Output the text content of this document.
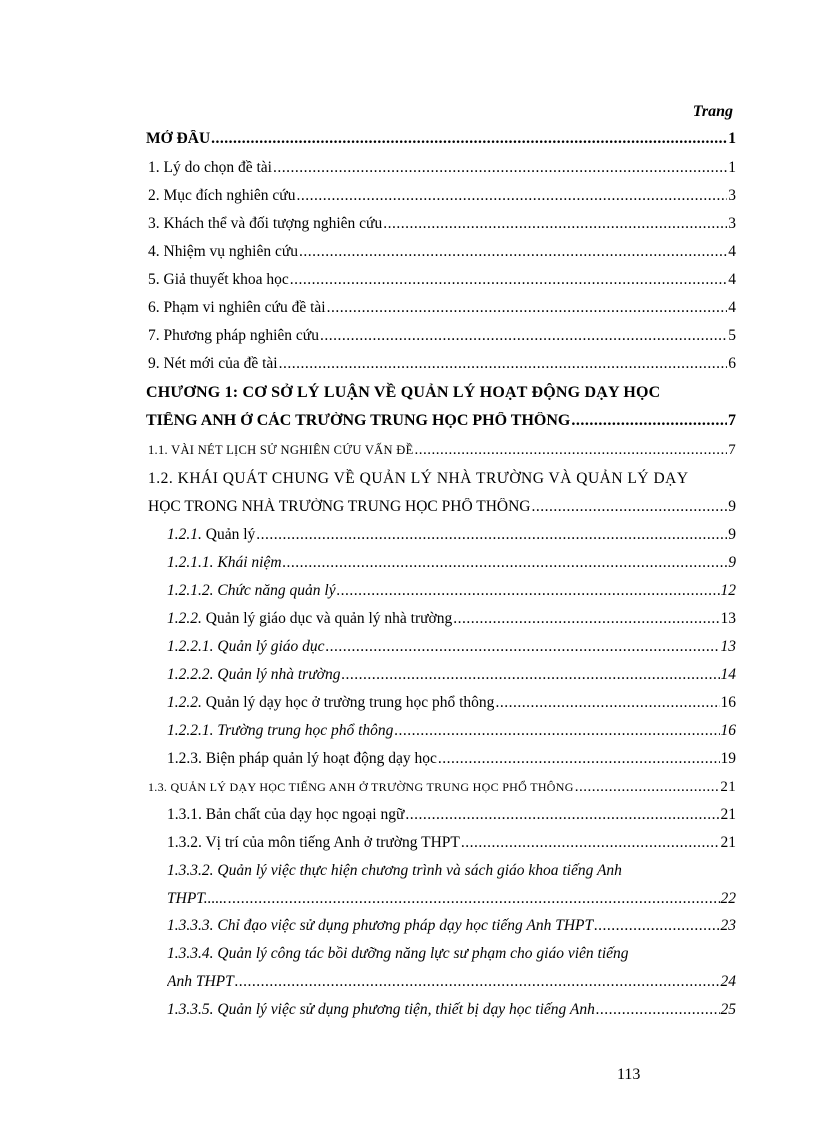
Trang
MỞ ĐẦU .....	1
1. Lý do chọn đề tài .....	1
2. Mục đích nghiên cứu .....	3
3. Khách thể và đối tượng nghiên cứu .....	3
4. Nhiệm vụ nghiên cứu .....	4
5. Giả thuyết khoa học .....	4
6. Phạm vi nghiên cứu đề tài .....	4
7. Phương pháp nghiên cứu .....	5
9. Nét mới của đề tài .....	6
CHƯƠNG 1: CƠ SỞ LÝ LUẬN VỀ QUẢN LÝ HOẠT ĐỘNG DẠY HỌC
TIẾNG ANH Ở CÁC TRƯỜNG TRUNG HỌC PHỔ THÔNG .....	7
1.1. VÀI NÉT LỊCH SỬ NGHIÊN CỨU VẤN ĐỀ .....	7
1.2. KHÁI QUÁT CHUNG VỀ QUẢN LÝ NHÀ TRƯỜNG VÀ QUẢN LÝ DẠY
HỌC TRONG NHÀ TRƯỜNG TRUNG HỌC PHỔ THÔNG .....	9
1.2.1. Quản lý .....	9
1.2.1.1. Khái niệm .....	9
1.2.1.2. Chức năng quản lý .....	12
1.2.2. Quản lý giáo dục và quản lý nhà trường .....	13
1.2.2.1. Quản lý giáo dục .....	13
1.2.2.2. Quản lý nhà trường .....	14
1.2.2. Quản lý dạy học ở trường trung học phổ thông .....	16
1.2.2.1. Trường trung học phổ thông .....	16
1.2.3. Biện pháp quản lý hoạt động dạy học .....	19
1.3. QUẢN LÝ DẠY HỌC TIẾNG ANH Ở TRƯỜNG TRUNG HỌC PHỔ THÔNG .....	21
1.3.1. Bản chất của dạy học ngoại ngữ .....	21
1.3.2. Vị trí của môn tiếng Anh ở trường THPT .....	21
1.3.3.2. Quản lý việc thực hiện chương trình và sách giáo khoa tiếng Anh
THPT...... .....	22
1.3.3.3. Chỉ đạo việc sử dụng phương pháp dạy học tiếng Anh THPT .....	23
1.3.3.4. Quản lý công tác bồi dưỡng năng lực sư phạm cho giáo viên tiếng
Anh THPT .....	24
1.3.3.5. Quản lý việc sử dụng phương tiện, thiết bị dạy học tiếng Anh .....	25
113
